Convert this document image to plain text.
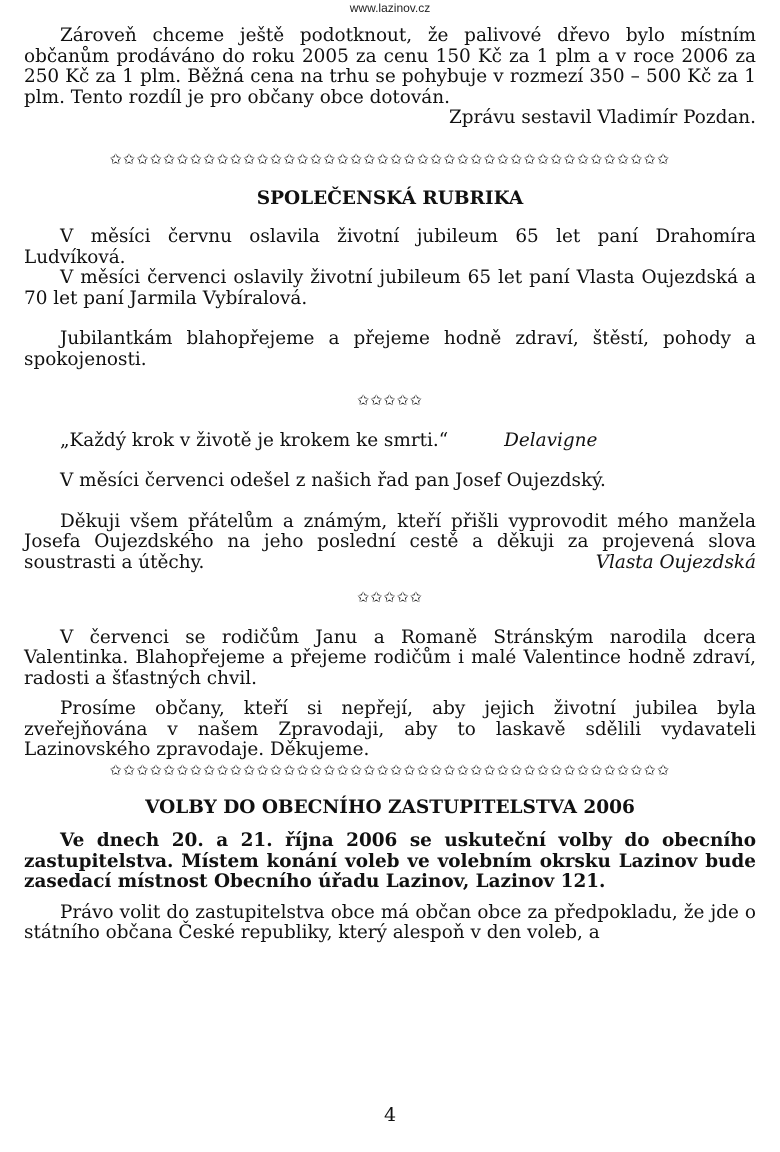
www.lazinov.cz

Zároveň chceme ještě podotknout, že palivové dřevo bylo místním občanům prodáváno do roku 2005 za cenu 150 Kč za 1 plm a v roce 2006 za 250 Kč za 1 plm. Běžná cena na trhu se pohybuje v rozmezí 350 – 500 Kč za 1 plm. Tento rozdíl je pro občany obce dotován.

Zprávu sestavil Vladimír Pozdan.

✩✩✩✩✩✩✩✩✩✩✩✩✩✩✩✩✩✩✩✩✩✩✩✩✩✩✩✩✩✩✩✩✩✩✩✩✩✩✩✩✩✩
SPOLEČENSKÁ RUBRIKA

V měsíci červnu oslavila životní jubileum 65 let paní Drahomíra Ludvíková.

V měsíci červenci oslavily životní jubileum 65 let paní Vlasta Oujezdská a 70 let paní Jarmila Vybíralová.

Jubilantkám blahopřejeme a přejeme hodně zdraví, štěstí, pohody a spokojenosti.

✩✩✩✩✩
„Každý krok v životě je krokem ke smrti.“	Delavigne

V měsíci červenci odešel z našich řad pan Josef Oujezdský.

Děkuji všem přátelům a známým, kteří přišli vyprovodit mého manžela Josefa Oujezdského na jeho poslední cestě a děkuji za projevená slova soustrasti a útěchy.	Vlasta Oujezdská

✩✩✩✩✩

V červenci se rodičům Janu a Romaně Stránským narodila dcera Valentinka. Blahopřejeme a přejeme rodičům i malé Valentince hodně zdraví, radosti a šťastných chvil.

Prosíme občany, kteří si nepřejí, aby jejich životní jubilea byla zveřejňována v našem Zpravodaji, aby to laskavě sdělili vydavateli Lazinovského zpravodaje. Děkujeme.

✩✩✩✩✩✩✩✩✩✩✩✩✩✩✩✩✩✩✩✩✩✩✩✩✩✩✩✩✩✩✩✩✩✩✩✩✩✩✩✩✩✩
VOLBY DO OBECNÍHO ZASTUPITELSTVA 2006

Ve dnech 20. a 21. října 2006 se uskuteční volby do obecního zastupitelstva. Místem konání voleb ve volebním okrsku Lazinov bude zasedací místnost Obecního úřadu Lazinov, Lazinov 121.

Právo volit do zastupitelstva obce má občan obce za předpokladu, že jde o státního občana České republiky, který alespoň v den voleb, a

4
